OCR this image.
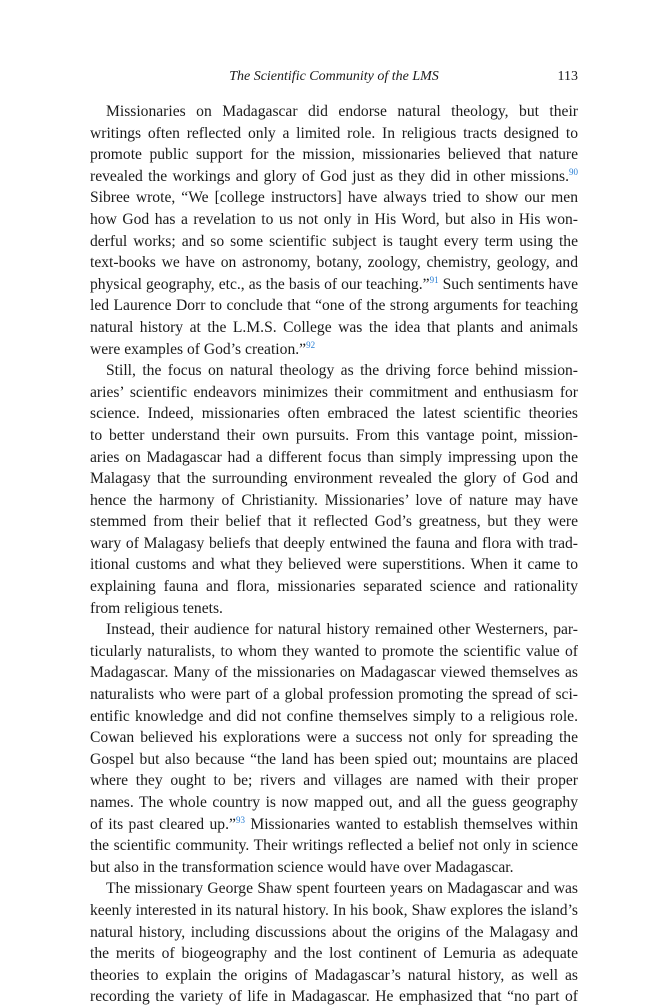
The Scientific Community of the LMS	113
Missionaries on Madagascar did endorse natural theology, but their
writings often reflected only a limited role. In religious tracts designed to
promote public support for the mission, missionaries believed that nature
revealed the workings and glory of God just as they did in other missions.$^{90}$
Sibree wrote, “We [college instructors] have always tried to show our men
how God has a revelation to us not only in His Word, but also in His won-
derful works; and so some scientific subject is taught every term using the
text-books we have on astronomy, botany, zoology, chemistry, geology, and
physical geography, etc., as the basis of our teaching.”$^{91}$ Such sentiments have
led Laurence Dorr to conclude that “one of the strong arguments for teaching
natural history at the L.M.S. College was the idea that plants and animals
were examples of God’s creation.”$^{92}$
Still, the focus on natural theology as the driving force behind mission-
aries’ scientific endeavors minimizes their commitment and enthusiasm for
science. Indeed, missionaries often embraced the latest scientific theories
to better understand their own pursuits. From this vantage point, mission-
aries on Madagascar had a different focus than simply impressing upon the
Malagasy that the surrounding environment revealed the glory of God and
hence the harmony of Christianity. Missionaries’ love of nature may have
stemmed from their belief that it reflected God’s greatness, but they were
wary of Malagasy beliefs that deeply entwined the fauna and flora with trad-
itional customs and what they believed were superstitions. When it came to
explaining fauna and flora, missionaries separated science and rationality
from religious tenets.
Instead, their audience for natural history remained other Westerners, par-
ticularly naturalists, to whom they wanted to promote the scientific value of
Madagascar. Many of the missionaries on Madagascar viewed themselves as
naturalists who were part of a global profession promoting the spread of sci-
entific knowledge and did not confine themselves simply to a religious role.
Cowan believed his explorations were a success not only for spreading the
Gospel but also because “the land has been spied out; mountains are placed
where they ought to be; rivers and villages are named with their proper
names. The whole country is now mapped out, and all the guess geography
of its past cleared up.”$^{93}$ Missionaries wanted to establish themselves within
the scientific community. Their writings reflected a belief not only in science
but also in the transformation science would have over Madagascar.
The missionary George Shaw spent fourteen years on Madagascar and was
keenly interested in its natural history. In his book, Shaw explores the island’s
natural history, including discussions about the origins of the Malagasy and
the merits of biogeography and the lost continent of Lemuria as adequate
theories to explain the origins of Madagascar’s natural history, as well as
recording the variety of life in Madagascar. He emphasized that “no part of
